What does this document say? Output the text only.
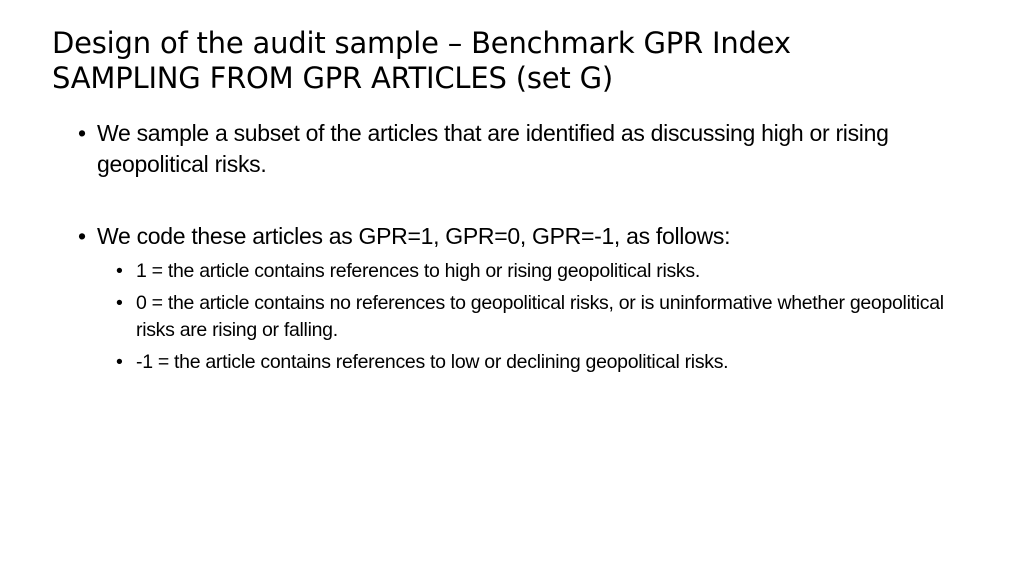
Design of the audit sample – Benchmark GPR Index
SAMPLING FROM GPR ARTICLES (set G)
• We sample a subset of the articles that are identified as discussing high or rising geopolitical risks.
• We code these articles as GPR=1, GPR=0, GPR=-1, as follows:
• 1 = the article contains references to high or rising geopolitical risks.
• 0 = the article contains no references to geopolitical risks, or is uninformative whether geopolitical risks are rising or falling.
• -1 = the article contains references to low or declining geopolitical risks.
